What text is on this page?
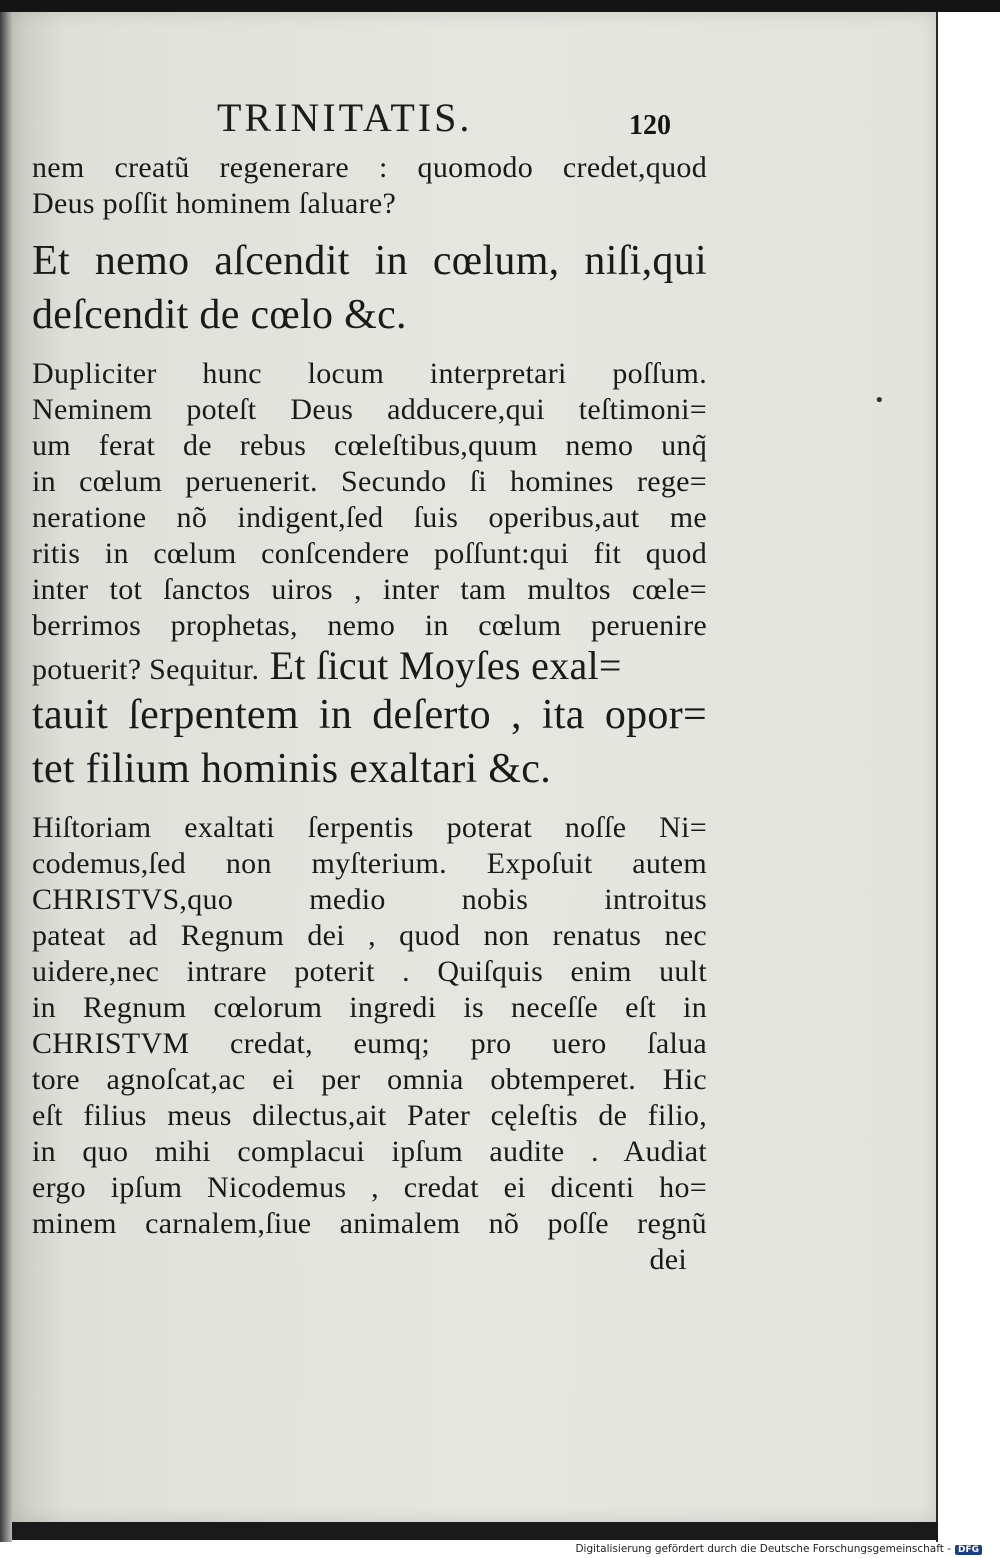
TRINITATIS.	120
nem creatũ regenerare : quomodo credet,quod
Deus poſſit hominem ſaluare?
Et nemo aſcendit in cœlum, niſi,qui
deſcendit de cœlo &c.
Dupliciter hunc locum interpretari poſſum.
Neminem poteſt Deus adducere,qui teſtimoni=
um ferat de rebus cœleſtibus,quum nemo unq̃
in cœlum peruenerit. Secundo ſi homines rege=
neratione nõ indigent,ſed ſuis operibus,aut me
ritis in cœlum conſcendere poſſunt:qui fit quod
inter tot ſanctos uiros , inter tam multos cœle=
berrimos prophetas, nemo in cœlum peruenire
potuerit? Sequitur. Et ſicut Moyſes exal=
tauit ſerpentem in deſerto , ita opor=
tet filium hominis exaltari &c.
Hiſtoriam exaltati ſerpentis poterat noſſe Ni=
codemus,ſed non myſterium. Expoſuit autem
CHRISTVS,quo medio nobis introitus
pateat ad Regnum dei , quod non renatus nec
uidere,nec intrare poterit . Quiſquis enim uult
in Regnum cœlorum ingredi is neceſſe eſt in
CHRISTVM credat, eumq; pro uero ſalua
tore agnoſcat,ac ei per omnia obtemperet. Hic
eſt filius meus dilectus,ait Pater cęleſtis de filio,
in quo mihi complacui ipſum audite . Audiat
ergo ipſum Nicodemus , credat ei dicenti ho=
minem carnalem,ſiue animalem nõ poſſe regnũ
dei
•
Digitalisierung gefördert durch die Deutsche Forschungsgemeinschaft - DFG
